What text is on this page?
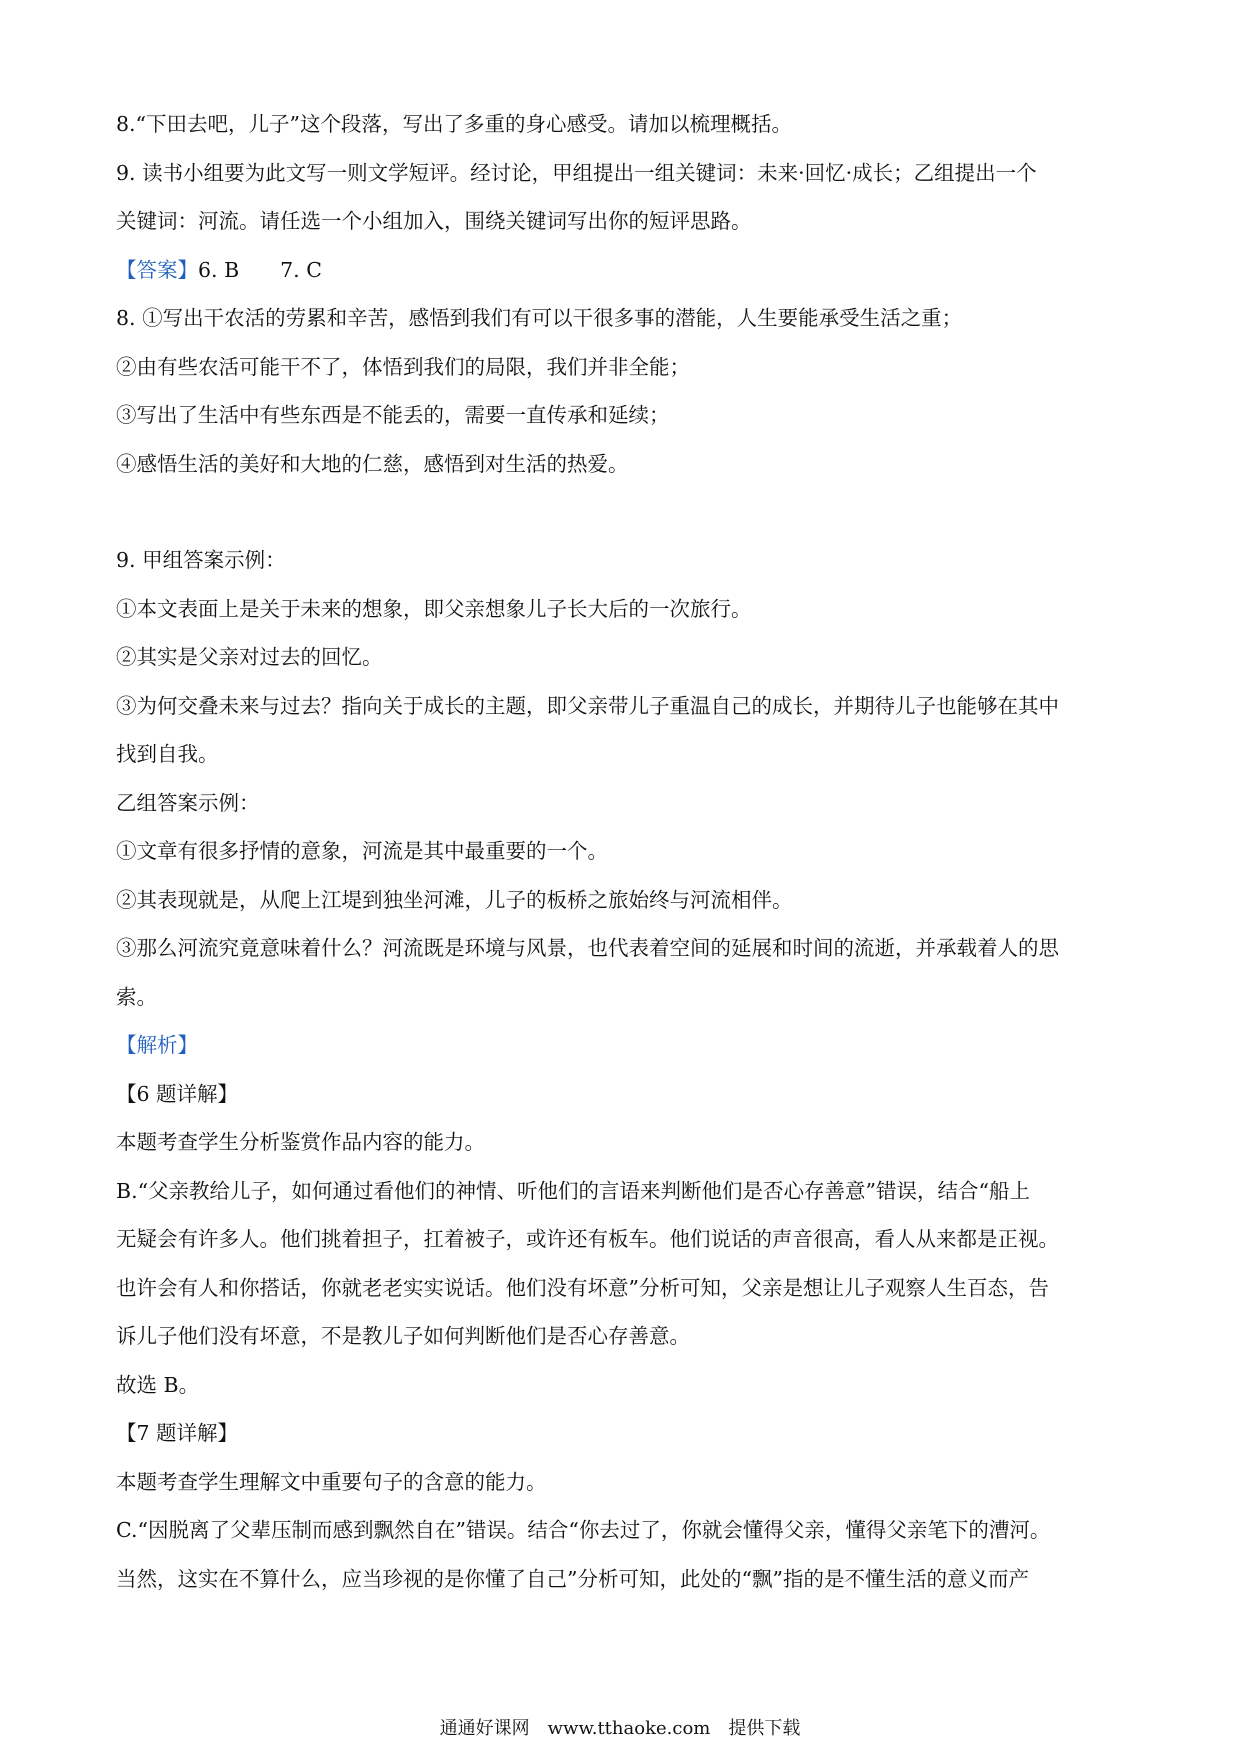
8.“下田去吧，儿子”这个段落，写出了多重的身心感受。请加以梳理概括。

9. 读书小组要为此文写一则文学短评。经讨论，甲组提出一组关键词：未来·回忆·成长；乙组提出一个

关键词：河流。请任选一个小组加入，围绕关键词写出你的短评思路。

【答案】6. B　　7. C

8. ①写出干农活的劳累和辛苦，感悟到我们有可以干很多事的潜能，人生要能承受生活之重；

②由有些农活可能干不了，体悟到我们的局限，我们并非全能；

③写出了生活中有些东西是不能丢的，需要一直传承和延续；

④感悟生活的美好和大地的仁慈，感悟到对生活的热爱。

9. 甲组答案示例：

①本文表面上是关于未来的想象，即父亲想象儿子长大后的一次旅行。

②其实是父亲对过去的回忆。

③为何交叠未来与过去？指向关于成长的主题，即父亲带儿子重温自己的成长，并期待儿子也能够在其中

找到自我。

乙组答案示例：

①文章有很多抒情的意象，河流是其中最重要的一个。

②其表现就是，从爬上江堤到独坐河滩，儿子的板桥之旅始终与河流相伴。

③那么河流究竟意味着什么？河流既是环境与风景，也代表着空间的延展和时间的流逝，并承载着人的思

索。

【解析】

【6 题详解】

本题考查学生分析鉴赏作品内容的能力。

B.“父亲教给儿子，如何通过看他们的神情、听他们的言语来判断他们是否心存善意”错误，结合“船上

无疑会有许多人。他们挑着担子，扛着被子，或许还有板车。他们说话的声音很高，看人从来都是正视。

也许会有人和你搭话，你就老老实实说话。他们没有坏意”分析可知，父亲是想让儿子观察人生百态，告

诉儿子他们没有坏意，不是教儿子如何判断他们是否心存善意。

故选 B。

【7 题详解】

本题考查学生理解文中重要句子的含意的能力。

C.“因脱离了父辈压制而感到飘然自在”错误。结合“你去过了，你就会懂得父亲，懂得父亲笔下的漕河。

当然，这实在不算什么，应当珍视的是你懂了自己”分析可知，此处的“飘”指的是不懂生活的意义而产

通通好课网　www.tthaoke.com　提供下载
